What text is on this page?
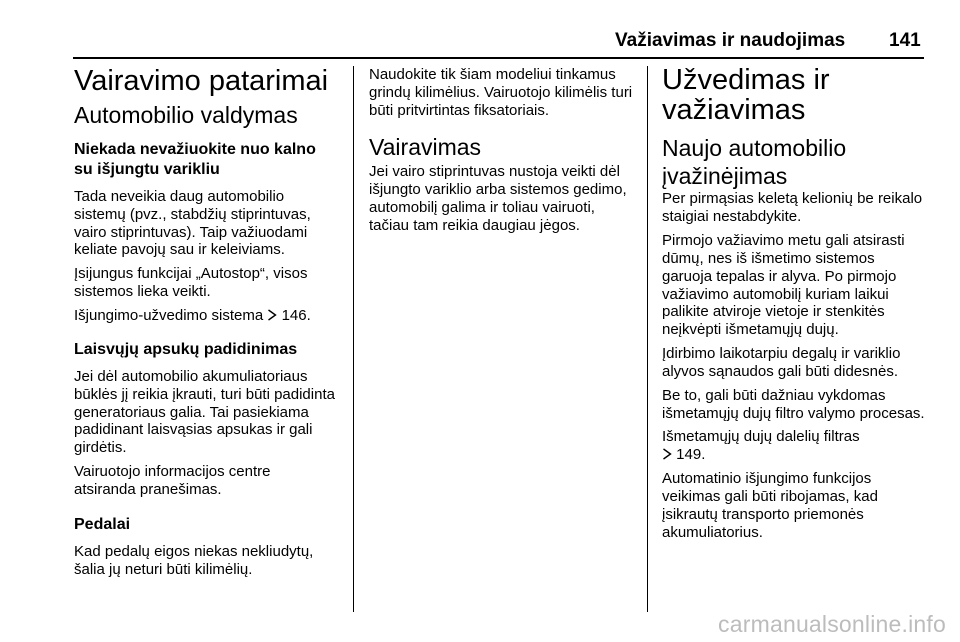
Važiavimas ir naudojimas 141
Vairavimo patarimai
Automobilio valdymas
Niekada nevažiuokite nuo kalno su išjungtu varikliu

Tada neveikia daug automobilio sistemų (pvz., stabdžių stiprintuvas, vairo stiprintuvas). Taip važiuodami keliate pavojų sau ir keleiviams.

Įsijungus funkcijai „Autostop“, visos sistemos lieka veikti.

Išjungimo-užvedimo sistema 146.

Laisvųjų apsukų padidinimas

Jei dėl automobilio akumuliatoriaus būklės jį reikia įkrauti, turi būti padidinta generatoriaus galia. Tai pasiekiama padidinant laisvąsias apsukas ir gali girdėtis.

Vairuotojo informacijos centre atsiranda pranešimas.

Pedalai

Kad pedalų eigos niekas nekliudytų, šalia jų neturi būti kilimėlių.

Naudokite tik šiam modeliui tinkamus grindų kilimėlius. Vairuotojo kilimėlis turi būti pritvirtintas fiksatoriais.

Vairavimas

Jei vairo stiprintuvas nustoja veikti dėl išjungto variklio arba sistemos gedimo, automobilį galima ir toliau vairuoti, tačiau tam reikia daugiau jėgos.

Užvedimas ir važiavimas
Naujo automobilio įvažinėjimas

Per pirmąsias keletą kelionių be reikalo staigiai nestabdykite.

Pirmojo važiavimo metu gali atsirasti dūmų, nes iš išmetimo sistemos garuoja tepalas ir alyva. Po pirmojo važiavimo automobilį kuriam laikui palikite atviroje vietoje ir stenkitės neįkvėpti išmetamųjų dujų.

Įdirbimo laikotarpiu degalų ir variklio alyvos sąnaudos gali būti didesnės.

Be to, gali būti dažniau vykdomas išmetamųjų dujų filtro valymo procesas.

Išmetamųjų dujų dalelių filtras
149.

Automatinio išjungimo funkcijos veikimas gali būti ribojamas, kad įsikrautų transporto priemonės akumuliatorius.

carmanualsonline.info
